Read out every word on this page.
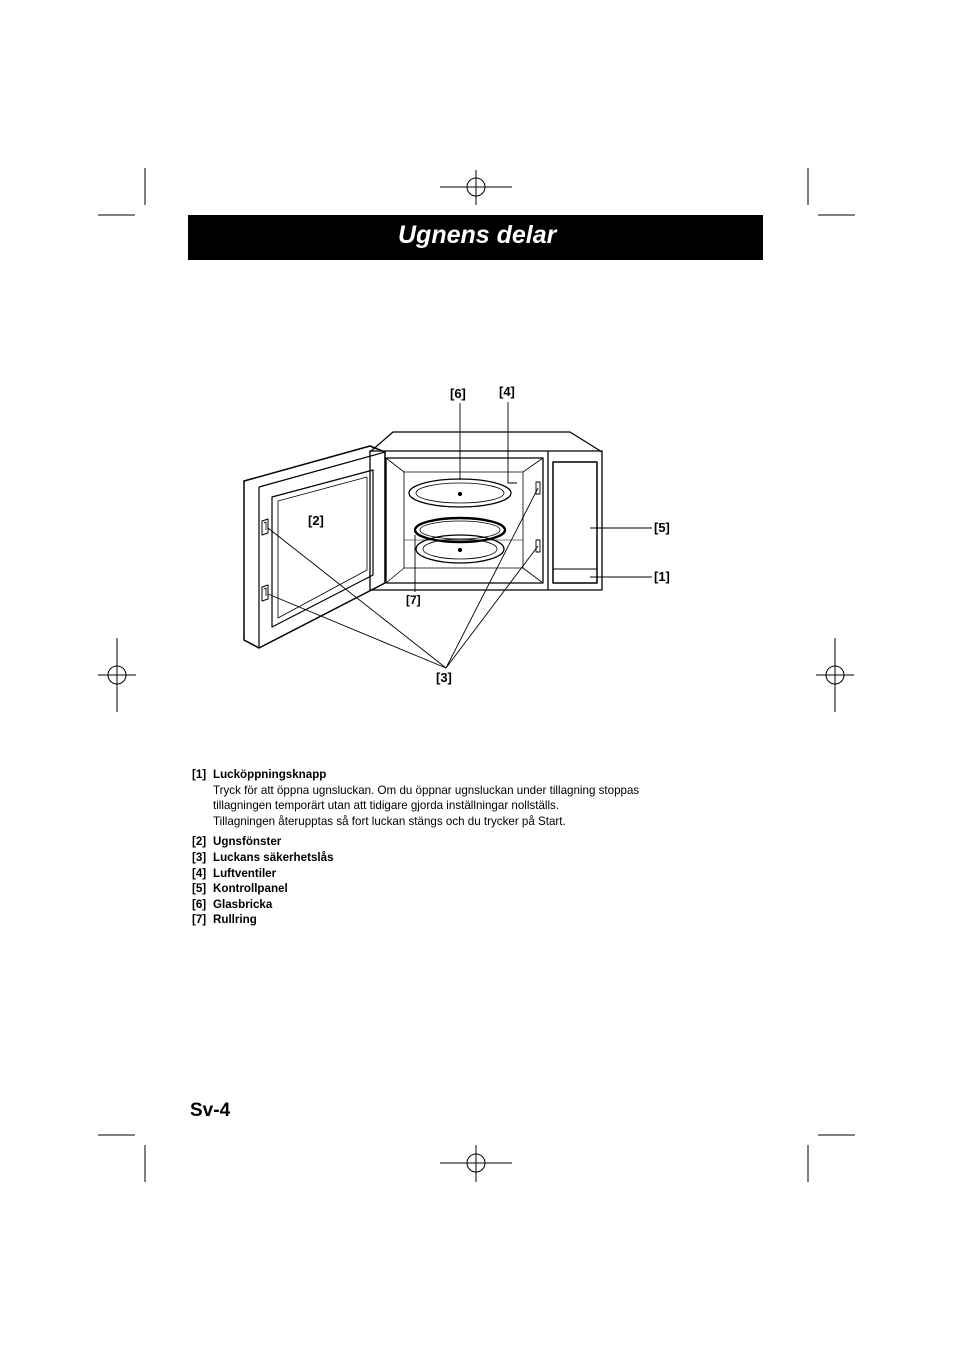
Ugnens delar
[6]	[4]
[2]	[5]
[1]
[7]
[3]
[1] Lucköppningsknapp
Tryck för att öppna ugnsluckan. Om du öppnar ugnsluckan under tillagning stoppas
tillagningen temporärt utan att tidigare gjorda inställningar nollställs.
Tillagningen återupptas så fort luckan stängs och du trycker på Start.
[2] Ugnsfönster
[3] Luckans säkerhetslås
[4] Luftventiler
[5] Kontrollpanel
[6] Glasbricka
[7] Rullring
Sv-4
